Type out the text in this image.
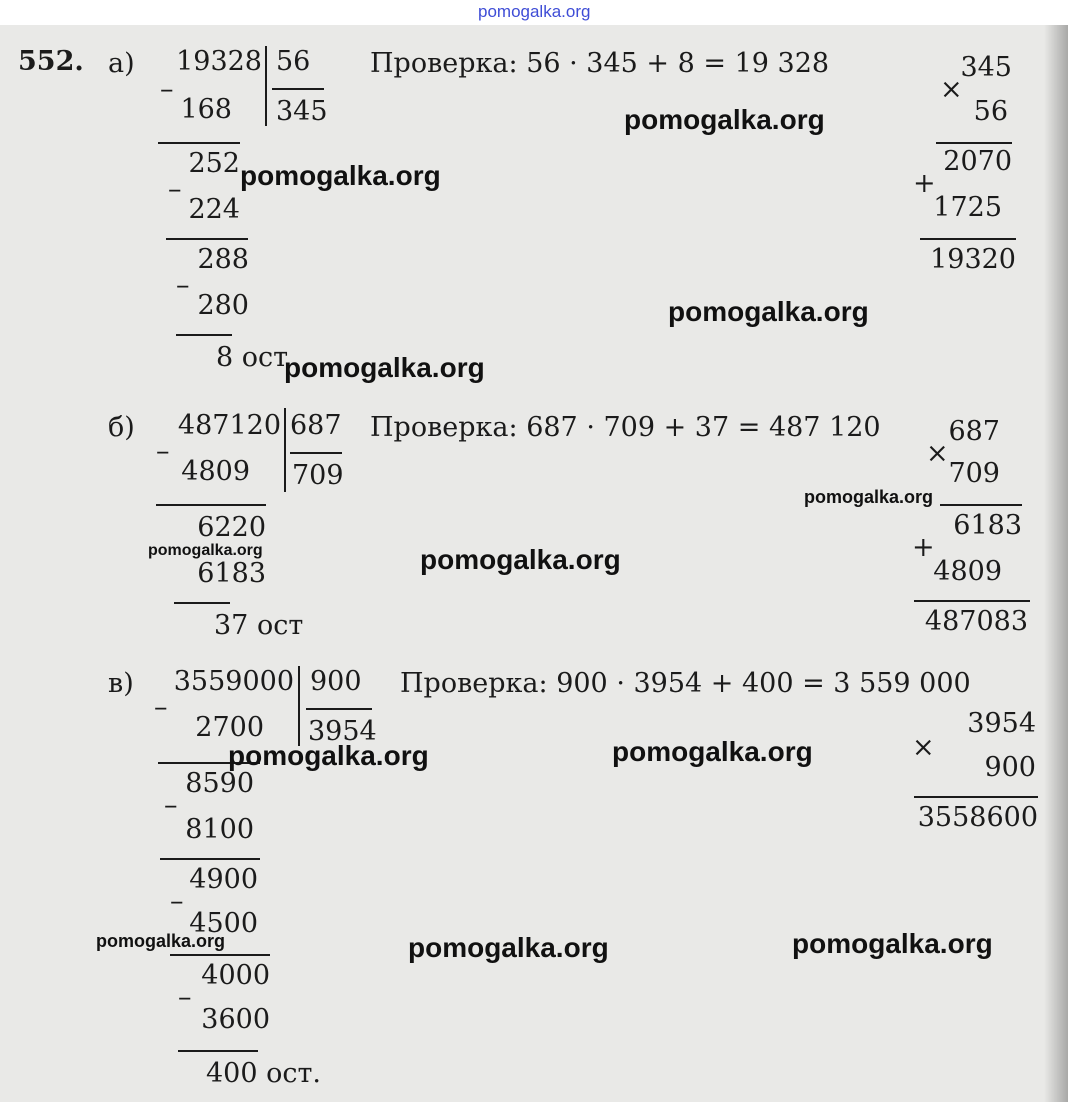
pomogalka.org
552. а)
–
19328 56
345
168
252
–
224
288
–
280
8 ост
Проверка: 56 · 345 + 8 = 19 328	345
×
56
2070
+
1725
19320
б)
–
487120 687
709
4809
6220
6183
37 ост
Проверка: 687 · 709 + 37 = 487 120	687
×
709
6183
+
4809
487083
в)
–
3559000 900
3954
2700
8590
–
8100
4900
–
4500
4000
–
3600
400 ост.
Проверка: 900 · 3954 + 400 = 3 559 000
3954
×
900
3558600
pomogalka.org
pomogalka.org
pomogalka.org
pomogalka.org
pomogalka.org
pomogalka.org	pomogalka.org
pomogalka.org	pomogalka.org
pomogalka.org	pomogalka.org	pomogalka.org
